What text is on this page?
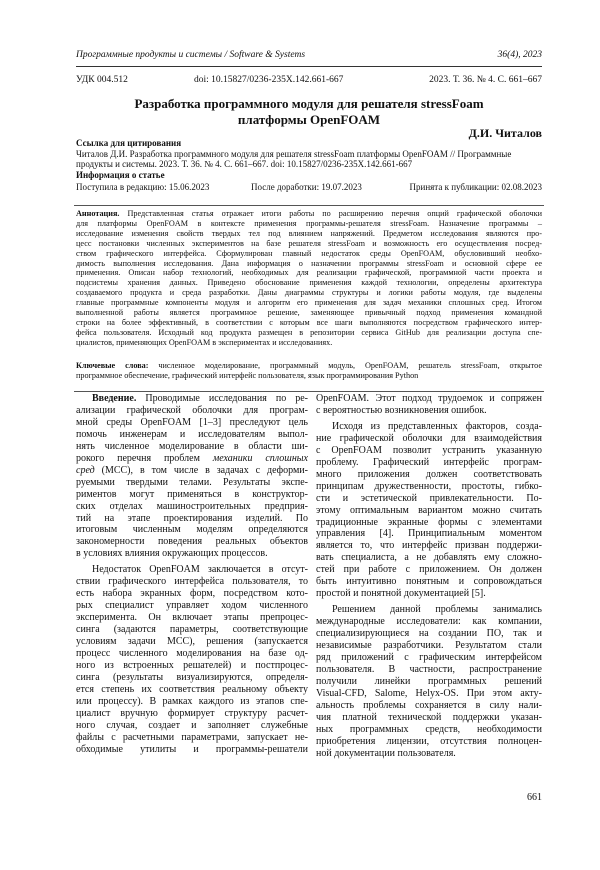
Программные продукты и системы / Software & Systems	36(4), 2023
УДК 004.512	doi: 10.15827/0236-235X.142.661-667	2023. Т. 36. № 4. С. 661–667
Разработка программного модуля для решателя stressFoam
платформы OpenFOAM
Д.И. Читалов
Ссылка для цитирования
Читалов Д.И. Разработка программного модуля для решателя stressFoam платформы OpenFOAM // Программные
продукты и системы. 2023. Т. 36. № 4. С. 661–667. doi: 10.15827/0236-235X.142.661-667
Информация о статье
Поступила в редакцию: 15.06.2023	После доработки: 19.07.2023	Принята к публикации: 02.08.2023
Аннотация. Представленная статья отражает итоги работы по расширению перечня опций графической оболочки
для платформы OpenFOAM в контексте применения программы-решателя stressFoam. Назначение программы –
исследование изменения свойств твердых тел под влиянием напряжений. Предметом исследования являются про-
цесс постановки численных экспериментов на базе решателя stressFoam и возможность его осуществления посред-
ством графического интерфейса. Сформулирован главный недостаток среды OpenFOAM, обусловивший необхо-
димость выполнения исследования. Дана информация о назначении программы stressFoam и основной сфере ее
применения. Описан набор технологий, необходимых для реализации графической, программной части проекта и
подсистемы хранения данных. Приведено обоснование применения каждой технологии, определены архитектура
создаваемого продукта и среда разработки. Даны диаграммы структуры и логики работы модуля, где выделены
главные программные компоненты модуля и алгоритм его применения для задач механики сплошных сред. Итогом
выполненной работы является программное решение, заменяющее привычный подход применения командной
строки на более эффективный, в соответствии с которым все шаги выполняются посредством графического интер-
фейса пользователя. Исходный код продукта размещен в репозитории сервиса GitHub для реализации доступа спе-
циалистов, применяющих OpenFOAM в экспериментах и исследованиях.
Ключевые слова: численное моделирование, программный модуль, OpenFOAM, решатель stressFoam, открытое
программное обеспечение, графический интерфейс пользователя, язык программирования Python
Введение. Проводимые исследования по ре-
ализации графической оболочки для програм-
мной среды OpenFOAM [1–3] преследуют цель
помочь инженерам и исследователям выпол-
нять численное моделирование в области ши-
рокого перечня проблем механики сплошных
сред (МСС), в том числе в задачах с деформи-
руемыми твердыми телами. Результаты экспе-
риментов могут применяться в конструктор-
ских отделах машиностроительных предприя-
тий на этапе проектирования изделий. По
итоговым численным моделям определяются
закономерности поведения реальных объектов
в условиях влияния окружающих процессов.
Недостаток OpenFOAM заключается в отсут-
ствии графического интерфейса пользователя, то
есть набора экранных форм, посредством кото-
рых специалист управляет ходом численного
эксперимента. Он включает этапы препроцес-
синга (задаются параметры, соответствующие
условиям задачи МСС), решения (запускается
процесс численного моделирования на базе од-
ного из встроенных решателей) и постпроцес-
синга (результаты визуализируются, определя-
ется степень их соответствия реальному объекту
или процессу). В рамках каждого из этапов спе-
циалист вручную формирует структуру расчет-
ного случая, создает и заполняет служебные
файлы с расчетными параметрами, запускает не-
обходимые утилиты и программы-решатели
OpenFOAM. Этот подход трудоемок и сопряжен
с вероятностью возникновения ошибок.
Исходя из представленных факторов, созда-
ние графической оболочки для взаимодействия
с OpenFOAM позволит устранить указанную
проблему. Графический интерфейс програм-
много приложения должен соответствовать
принципам дружественности, простоты, гибко-
сти и эстетической привлекательности. По-
этому оптимальным вариантом можно считать
традиционные экранные формы с элементами
управления [4]. Принципиальным моментом
является то, что интерфейс призван поддержи-
вать специалиста, а не добавлять ему сложно-
стей при работе с приложением. Он должен
быть интуитивно понятным и сопровождаться
простой и понятной документацией [5].
Решением данной проблемы занимались
международные исследователи: как компании,
специализирующиеся на создании ПО, так и
независимые разработчики. Результатом стали
ряд приложений с графическим интерфейсом
пользователя. В частности, распространение
получили линейки программных решений
Visual-CFD, Salome, Helyx-OS. При этом акту-
альность проблемы сохраняется в силу нали-
чия платной технической поддержки указан-
ных программных средств, необходимости
приобретения лицензии, отсутствия полноцен-
ной документации пользователя.
661
